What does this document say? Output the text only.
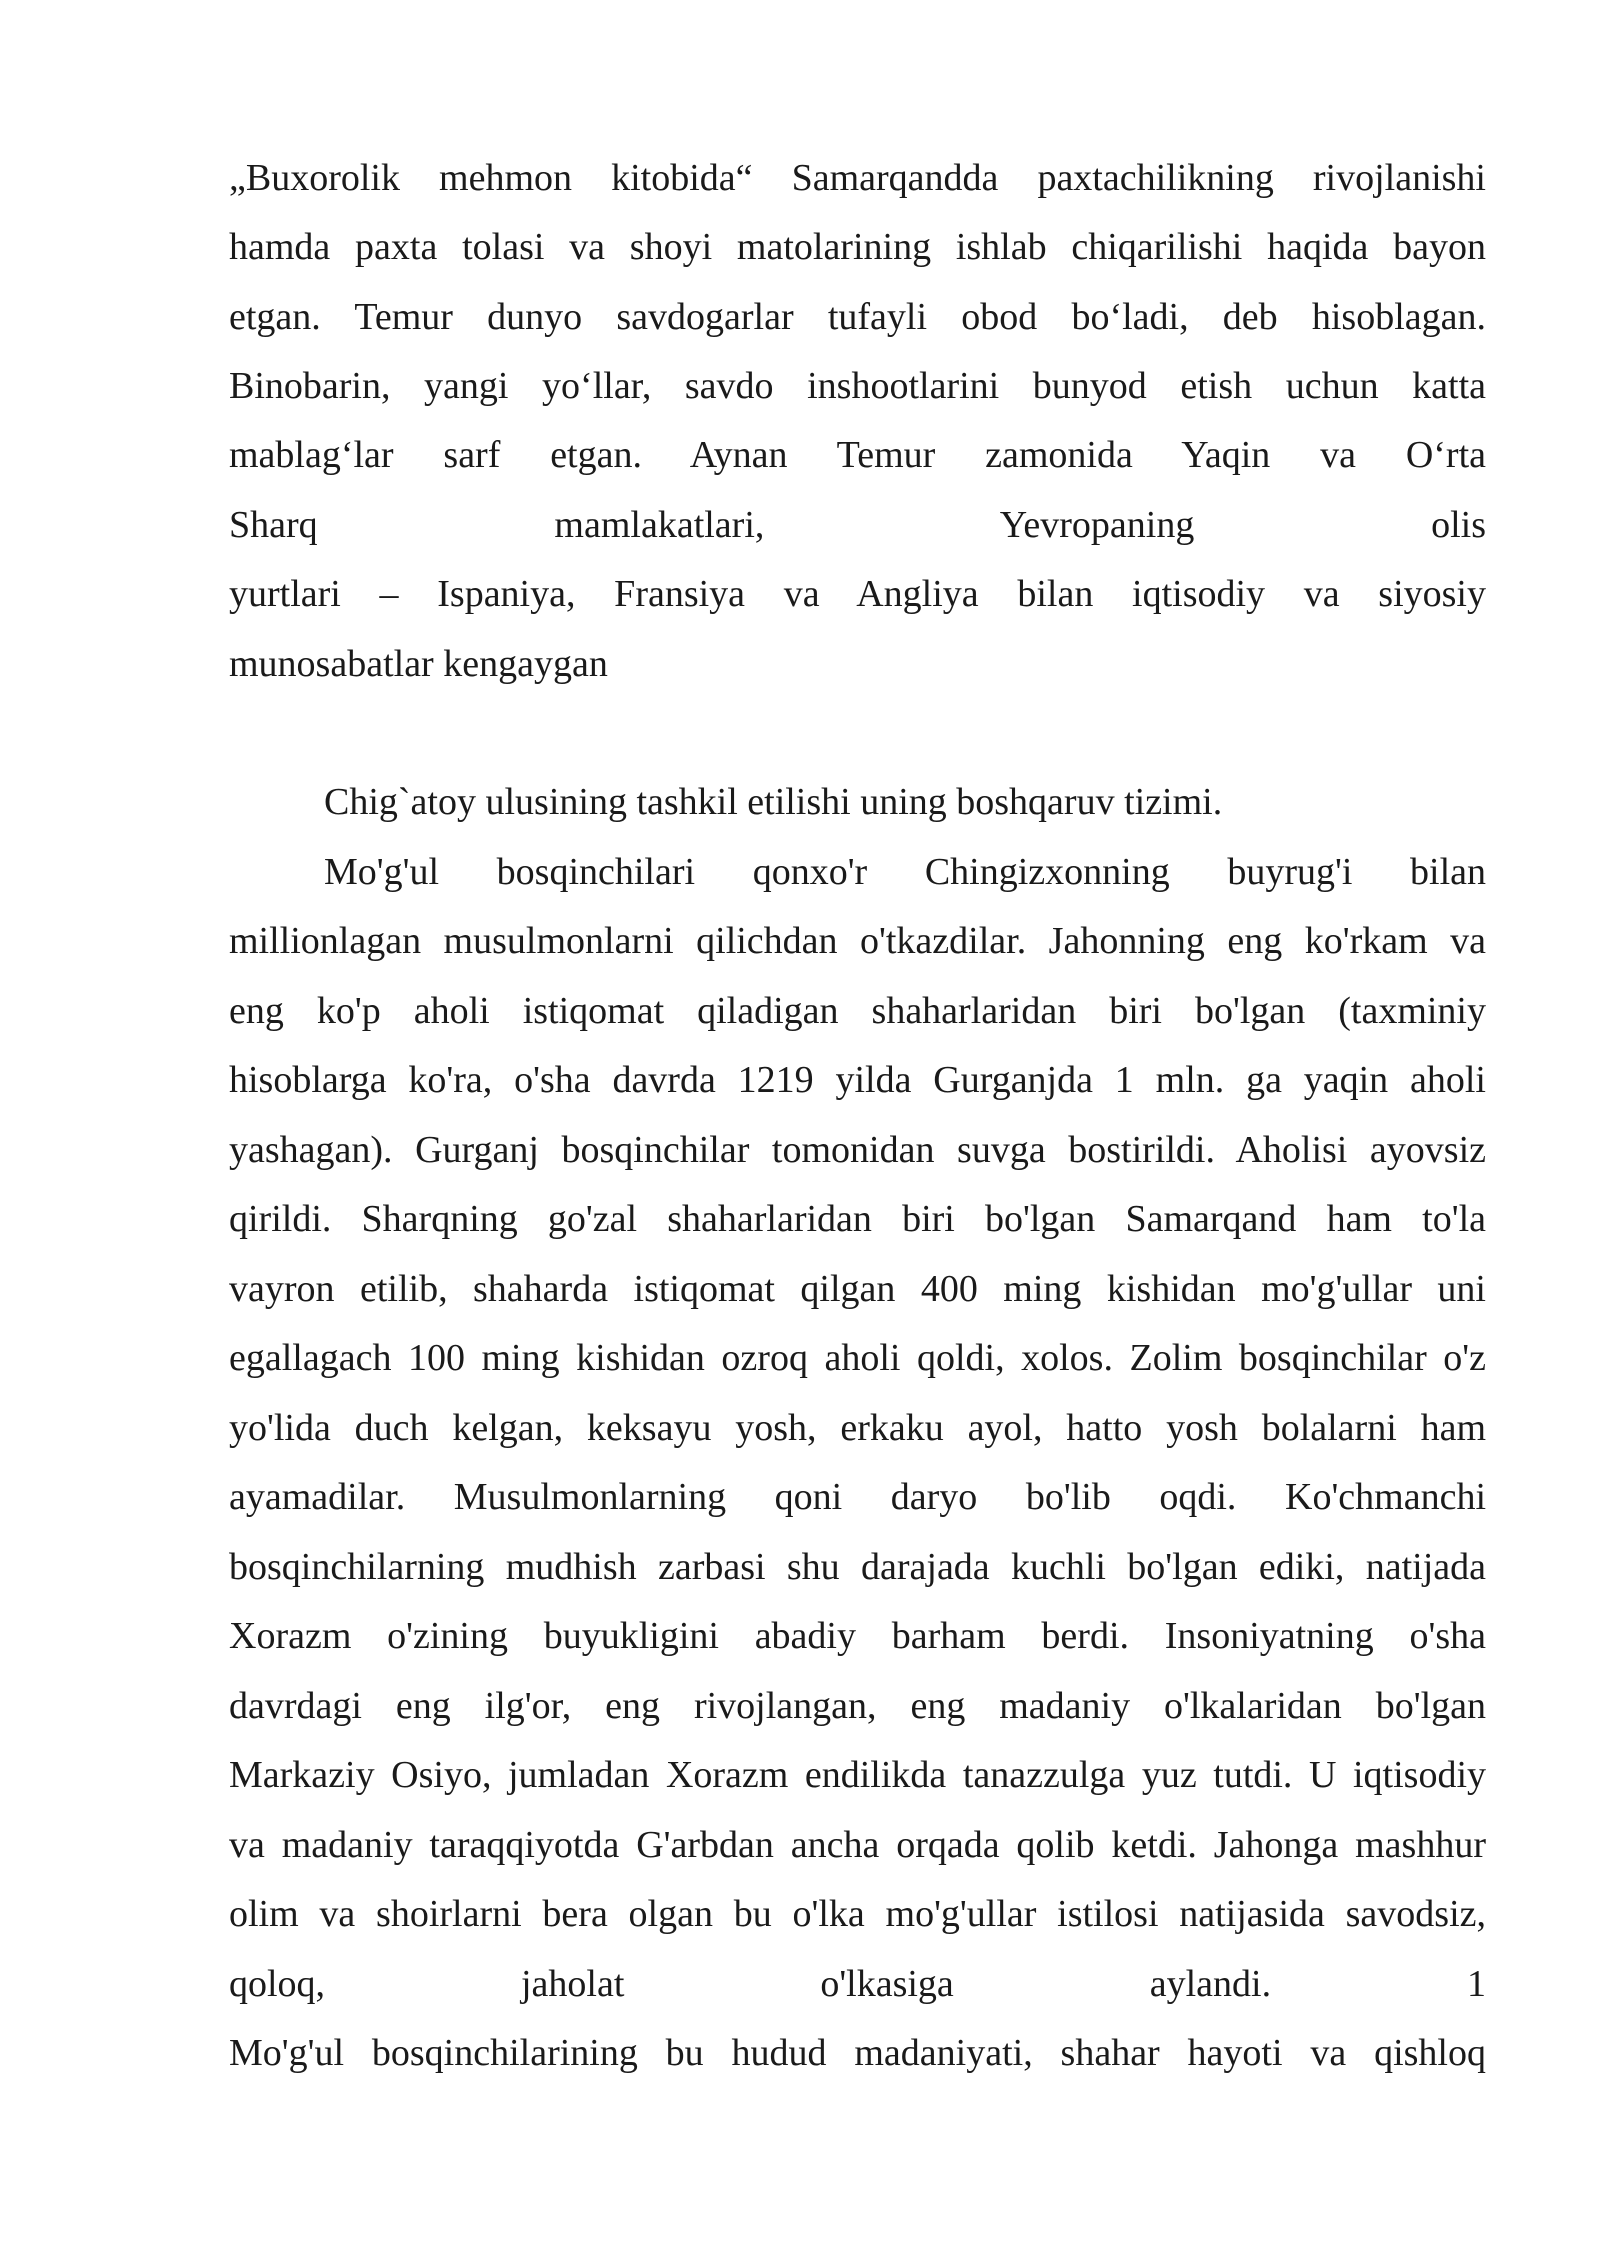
„Buxorolik mehmon kitobida“ Samarqandda paxtachilikning rivojlanishi
hamda paxta tolasi va shoyi matolarining ishlab chiqarilishi haqida bayon
etgan. Temur dunyo savdogarlar tufayli obod bo‘ladi, deb hisoblagan.
Binobarin, yangi yo‘llar, savdo inshootlarini bunyod etish uchun katta
mablag‘lar sarf etgan. Aynan Temur zamonida Yaqin va O‘rta
Sharq mamlakatlari, Yevropaning olis
yurtlari – Ispaniya, Fransiya va Angliya bilan iqtisodiy va siyosiy
munosabatlar kengaygan
Chig`atoy ulusining tashkil etilishi uning boshqaruv tizimi.
Mo'g'ul bosqinchilari qonxo'r Chingizxonning buyrug'i bilan
millionlagan musulmonlarni qilichdan o'tkazdilar. Jahonning eng ko'rkam va
eng ko'p aholi istiqomat qiladigan shaharlaridan biri bo'lgan (taxminiy
hisoblarga ko'ra, o'sha davrda 1219 yilda Gurganjda 1 mln. ga yaqin aholi
yashagan). Gurganj bosqinchilar tomonidan suvga bostirildi. Aholisi ayovsiz
qirildi. Sharqning go'zal shaharlaridan biri bo'lgan Samarqand ham to'la
vayron etilib, shaharda istiqomat qilgan 400 ming kishidan mo'g'ullar uni
egallagach 100 ming kishidan ozroq aholi qoldi, xolos. Zolim bosqinchilar o'z
yo'lida duch kelgan, keksayu yosh, erkaku ayol, hatto yosh bolalarni ham
ayamadilar. Musulmonlarning qoni daryo bo'lib oqdi. Ko'chmanchi
bosqinchilarning mudhish zarbasi shu darajada kuchli bo'lgan ediki, natijada
Xorazm o'zining buyukligini abadiy barham berdi. Insoniyatning o'sha
davrdagi eng ilg'or, eng rivojlangan, eng madaniy o'lkalaridan bo'lgan
Markaziy Osiyo, jumladan Xorazm endilikda tanazzulga yuz tutdi. U iqtisodiy
va madaniy taraqqiyotda G'arbdan ancha orqada qolib ketdi. Jahonga mashhur
olim va shoirlarni bera olgan bu o'lka mo'g'ullar istilosi natijasida savodsiz,
qoloq, jaholat o'lkasiga aylandi. 1
Mo'g'ul bosqinchilarining bu hudud madaniyati, shahar hayoti va qishloq
